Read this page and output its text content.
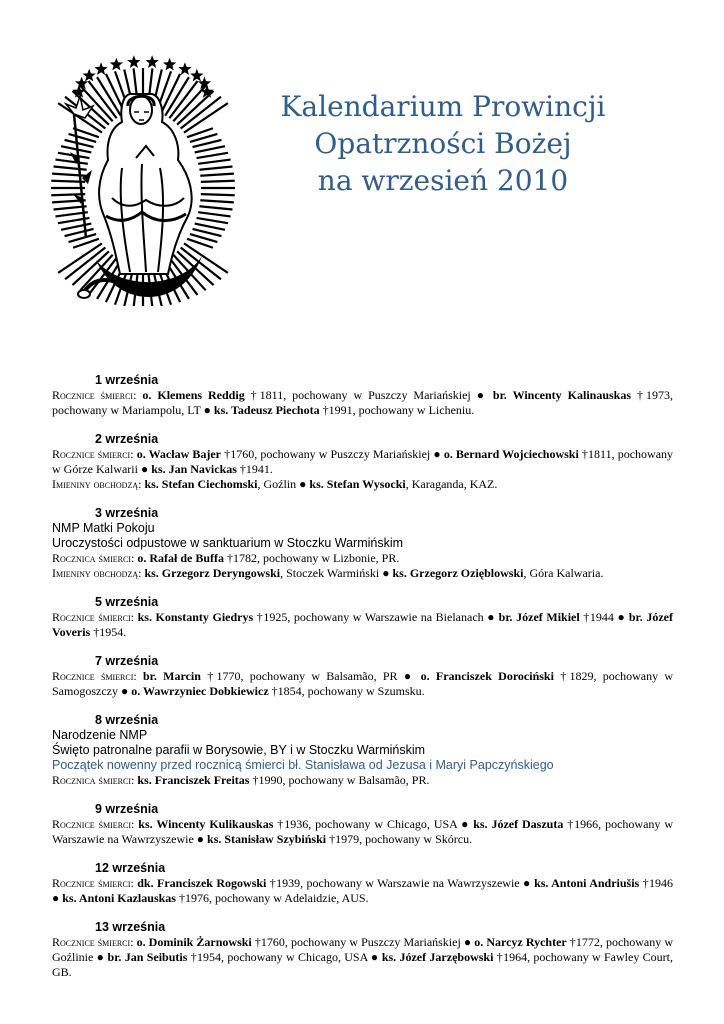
Kalendarium Prowincji
Opatrzności Bożej
na wrzesień 2010
1 września
Rocznice śmierci: o. Klemens Reddig †1811, pochowany w Puszczy Mariańskiej ● br. Wincenty Kalinauskas †1973, pochowany w Mariampolu, LT ● ks. Tadeusz Piechota †1991, pochowany w Licheniu.
2 września
Rocznice śmierci: o. Wacław Bajer †1760, pochowany w Puszczy Mariańskiej ● o. Bernard Wojciechowski †1811, pochowany w Górze Kalwarii ● ks. Jan Navickas †1941.
Imieniny obchodzą: ks. Stefan Ciechomski, Goźlin ● ks. Stefan Wysocki, Karaganda, KAZ.
3 września
NMP Matki Pokoju
Uroczystości odpustowe w sanktuarium w Stoczku Warmińskim
Rocznica śmierci: o. Rafał de Buffa †1782, pochowany w Lizbonie, PR.
Imieniny obchodzą: ks. Grzegorz Deryngowski, Stoczek Warmiński ● ks. Grzegorz Ozięblowski, Góra Kalwaria.
5 września
Rocznice śmierci: ks. Konstanty Giedrys †1925, pochowany w Warszawie na Bielanach ● br. Józef Mikiel †1944 ● br. Józef Voveris †1954.
7 września
Rocznice śmierci: br. Marcin †1770, pochowany w Balsamão, PR ● o. Franciszek Dorociński †1829, pochowany w Samogoszczy ● o. Wawrzyniec Dobkiewicz †1854, pochowany w Szumsku.
8 września
Narodzenie NMP
Święto patronalne parafii w Borysowie, BY i w Stoczku Warmińskim
Początek nowenny przed rocznicą śmierci bł. Stanisława od Jezusa i Maryi Papczyńskiego
Rocznica śmierci: ks. Franciszek Freitas †1990, pochowany w Balsamão, PR.
9 września
Rocznice śmierci: ks. Wincenty Kulikauskas †1936, pochowany w Chicago, USA ● ks. Józef Daszuta †1966, pochowany w Warszawie na Wawrzyszewie ● ks. Stanisław Szybiński †1979, pochowany w Skórcu.
12 września
Rocznice śmierci: dk. Franciszek Rogowski †1939, pochowany w Warszawie na Wawrzyszewie ● ks. Antoni Andriušis †1946 ● ks. Antoni Kazlauskas †1976, pochowany w Adelaidzie, AUS.
13 września
Rocznice śmierci: o. Dominik Żarnowski †1760, pochowany w Puszczy Mariańskiej ● o. Narcyz Rychter †1772, pochowany w Goźlinie ● br. Jan Seibutis †1954, pochowany w Chicago, USA ● ks. Józef Jarzębowski †1964, pochowany w Fawley Court, GB.
